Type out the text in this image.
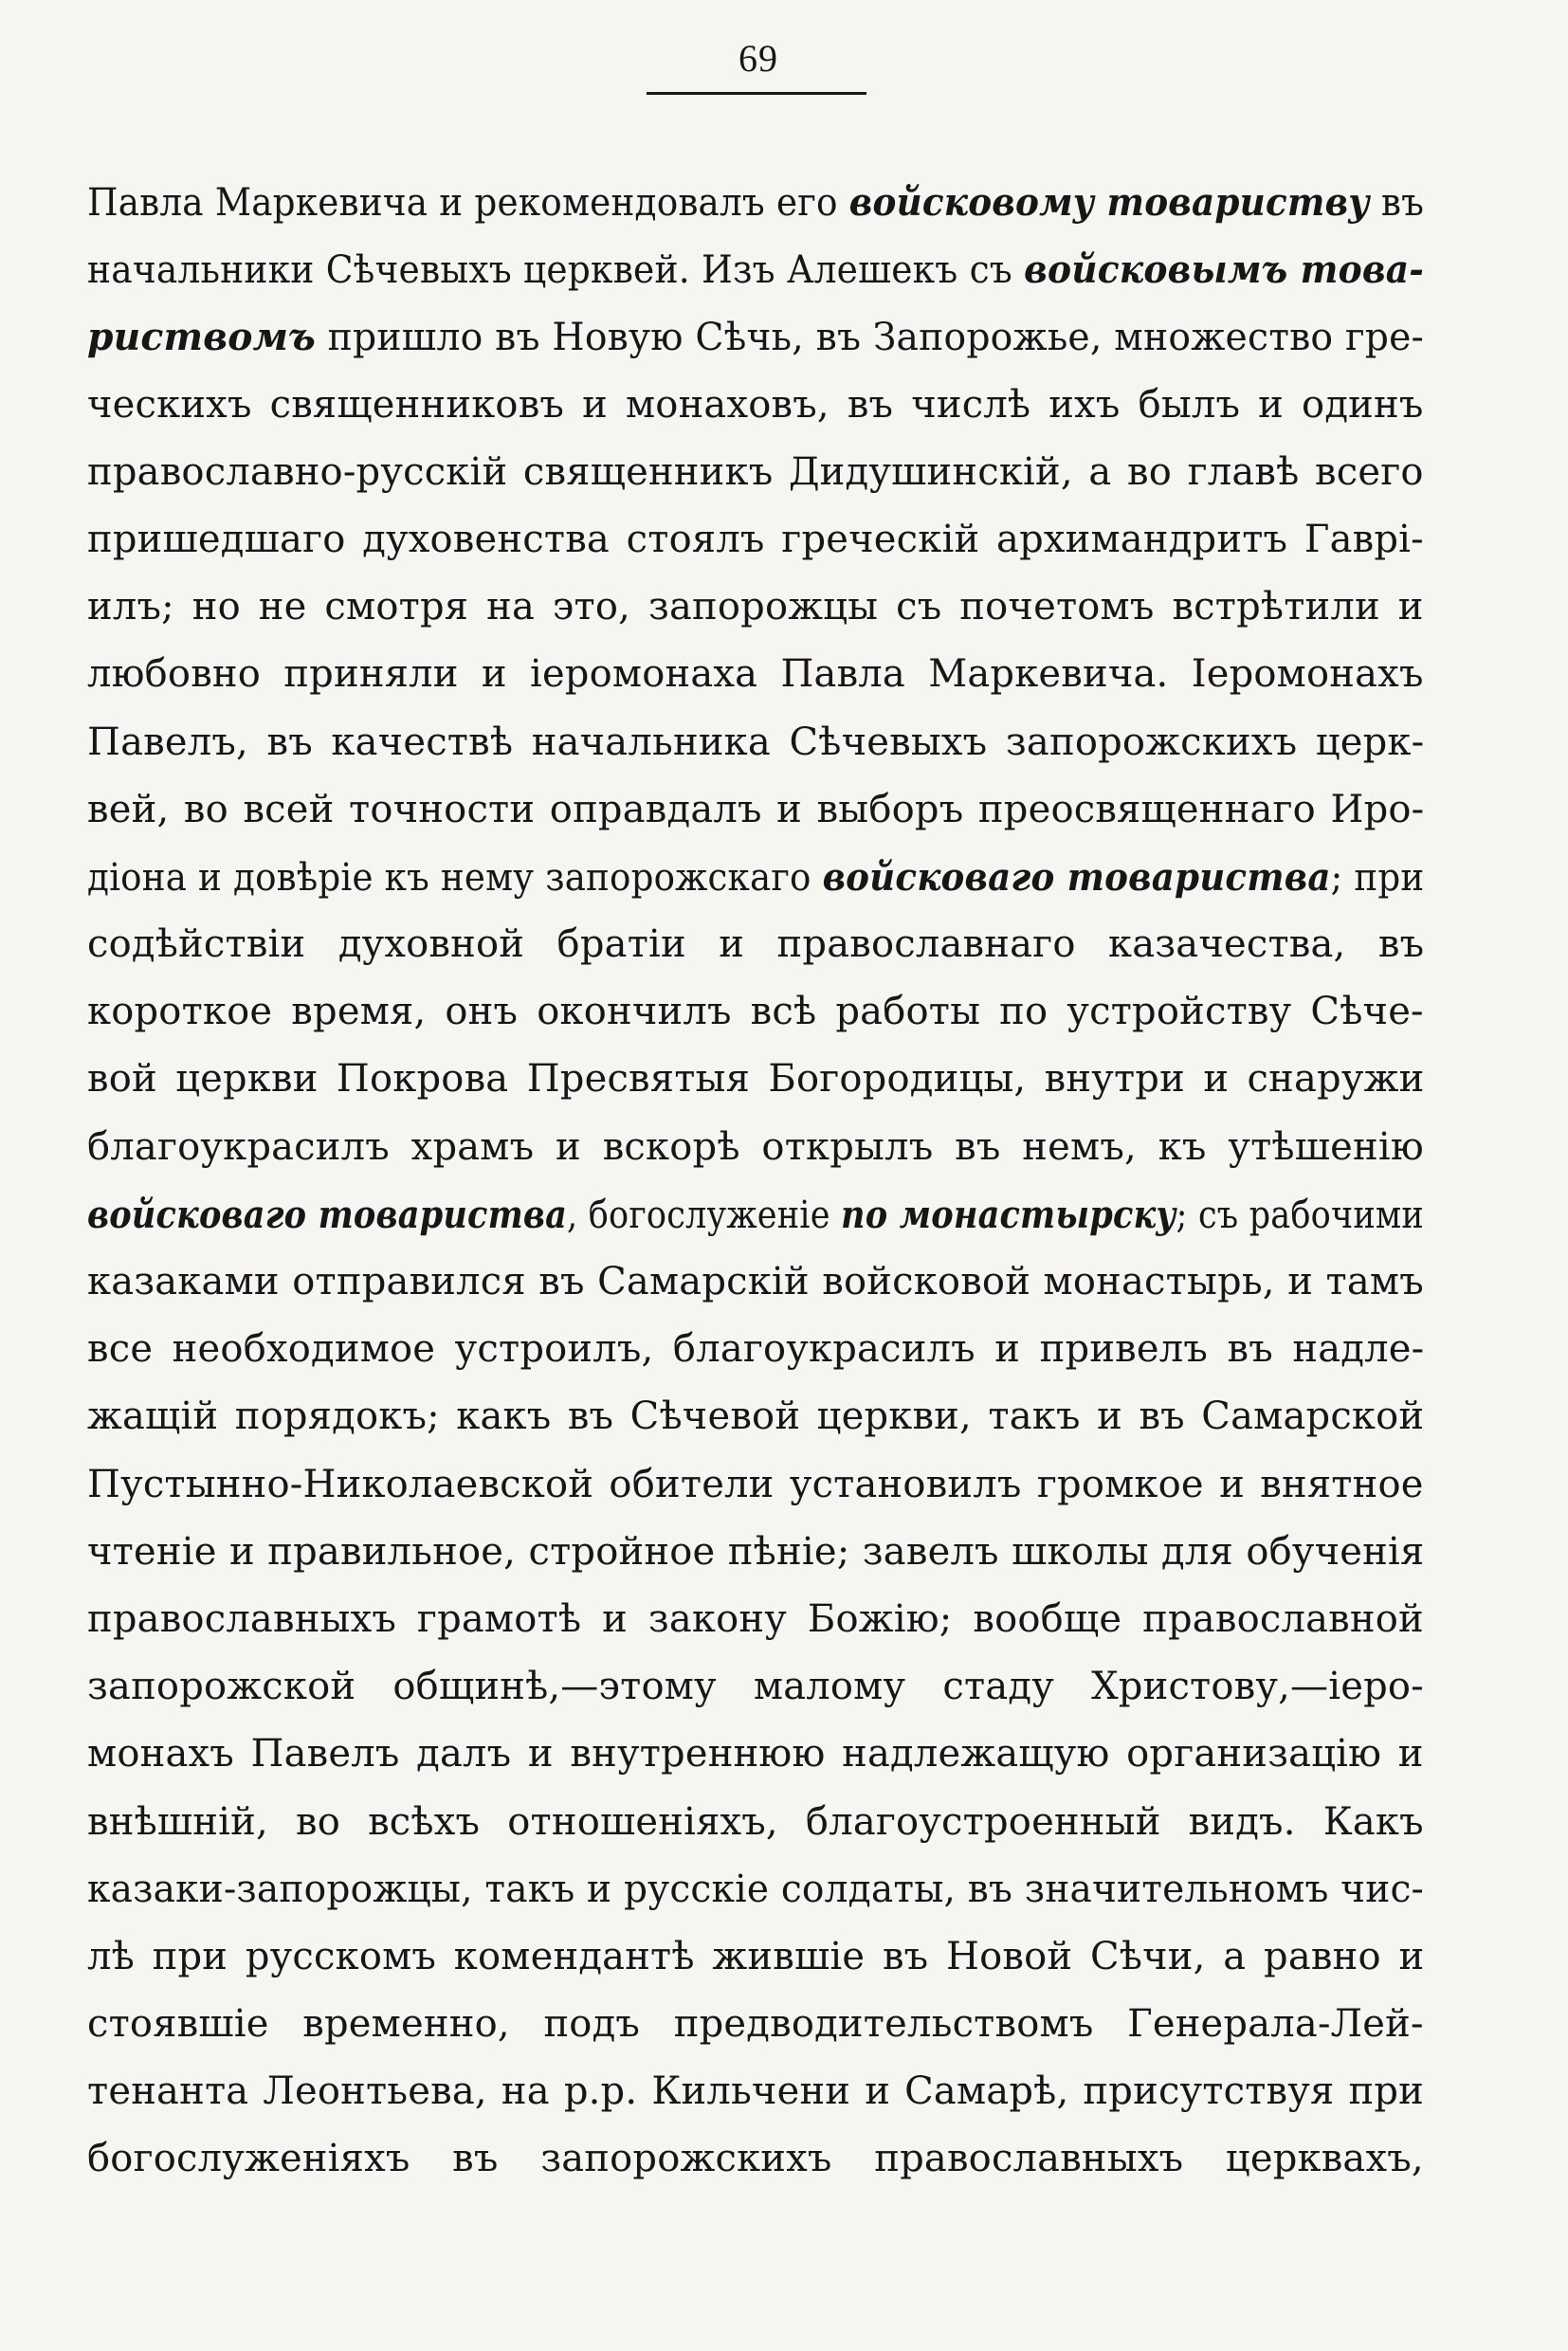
69
Павла Маркевича и рекомендовалъ его войсковому товариству въ
начальники Сѣчевыхъ церквей. Изъ Алешекъ съ войсковымъ това-
риствомъ пришло въ Новую Сѣчь, въ Запорожье, множество гре-
ческихъ священниковъ и монаховъ, въ числѣ ихъ былъ и одинъ
православно-русскій священникъ Дидушинскій, а во главѣ всего
пришедшаго духовенства стоялъ греческій архимандритъ Гаврі-
илъ; но не смотря на это, запорожцы съ почетомъ встрѣтили и
любовно приняли и іеромонаха Павла Маркевича. Іеромонахъ
Павелъ, въ качествѣ начальника Сѣчевыхъ запорожскихъ церк-
вей, во всей точности оправдалъ и выборъ преосвященнаго Иро-
діона и довѣріе къ нему запорожскаго войсковаго товариства; при
содѣйствіи духовной братіи и православнаго казачества, въ
короткое время, онъ окончилъ всѣ работы по устройству Сѣче-
вой церкви Покрова Пресвятыя Богородицы, внутри и снаружи
благоукрасилъ храмъ и вскорѣ открылъ въ немъ, къ утѣшенію
войсковаго товариства, богослуженіе по монастырску; съ рабочими
казаками отправился въ Самарскій войсковой монастырь, и тамъ
все необходимое устроилъ, благоукрасилъ и привелъ въ надле-
жащій порядокъ; какъ въ Сѣчевой церкви, такъ и въ Самарской
Пустынно-Николаевской обители установилъ громкое и внятное
чтеніе и правильное, стройное пѣніе; завелъ школы для обученія
православныхъ грамотѣ и закону Божію; вообще православной
запорожской общинѣ,—этому малому стаду Христову,—іеро-
монахъ Павелъ далъ и внутреннюю надлежащую организацію и
внѣшній, во всѣхъ отношеніяхъ, благоустроенный видъ. Какъ
казаки-запорожцы, такъ и русскіе солдаты, въ значительномъ чис-
лѣ при русскомъ комендантѣ жившіе въ Новой Сѣчи, а равно и
стоявшіе временно, подъ предводительствомъ Генерала-Лей-
тенанта Леонтьева, на р.р. Кильчени и Самарѣ, присутствуя при
богослуженіяхъ въ запорожскихъ православныхъ церквахъ,
